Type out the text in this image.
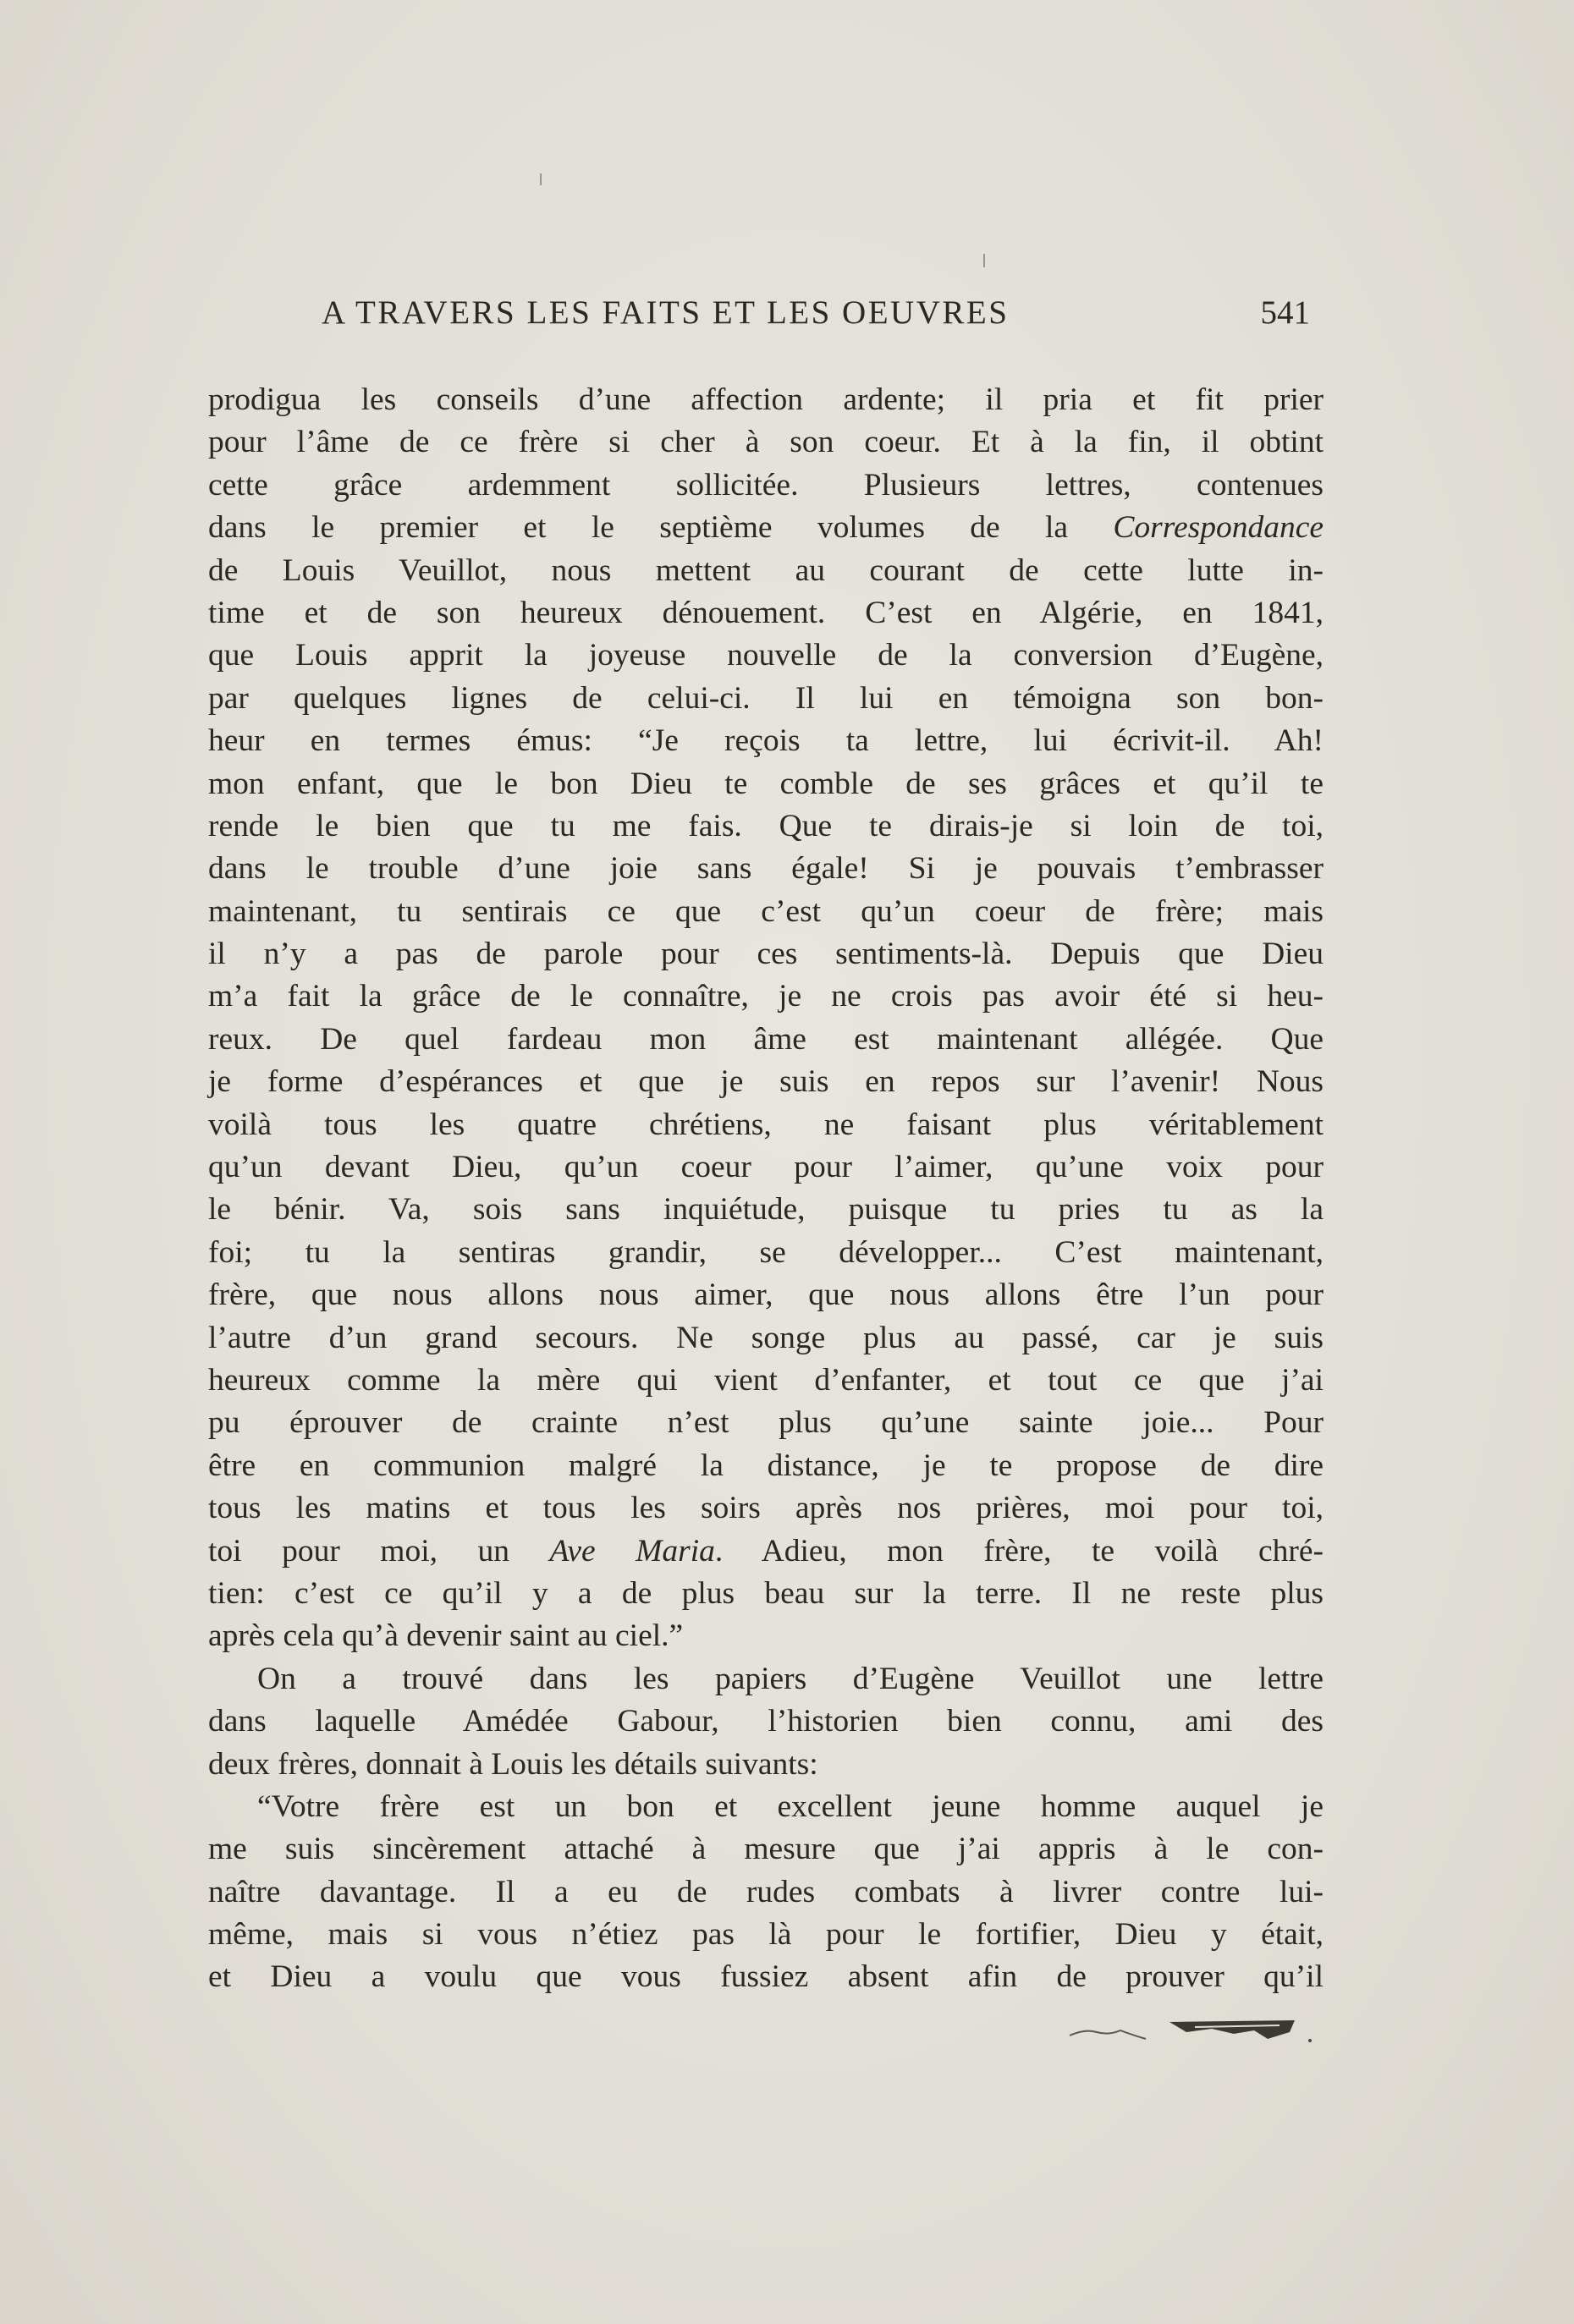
A TRAVERS LES FAITS ET LES OEUVRES	541
prodigua les conseils d’une affection ardente; il pria et fit prier
pour l’âme de ce frère si cher à son coeur. Et à la fin, il obtint
cette grâce ardemment sollicitée. Plusieurs lettres, contenues
dans le premier et le septième volumes de la Correspondance
de Louis Veuillot, nous mettent au courant de cette lutte in-
time et de son heureux dénouement. C’est en Algérie, en 1841,
que Louis apprit la joyeuse nouvelle de la conversion d’Eugène,
par quelques lignes de celui-ci. Il lui en témoigna son bon-
heur en termes émus: “Je reçois ta lettre, lui écrivit-il. Ah!
mon enfant, que le bon Dieu te comble de ses grâces et qu’il te
rende le bien que tu me fais. Que te dirais-je si loin de toi,
dans le trouble d’une joie sans égale! Si je pouvais t’embrasser
maintenant, tu sentirais ce que c’est qu’un coeur de frère; mais
il n’y a pas de parole pour ces sentiments-là. Depuis que Dieu
m’a fait la grâce de le connaître, je ne crois pas avoir été si heu-
reux. De quel fardeau mon âme est maintenant allégée. Que
je forme d’espérances et que je suis en repos sur l’avenir! Nous
voilà tous les quatre chrétiens, ne faisant plus véritablement
qu’un devant Dieu, qu’un coeur pour l’aimer, qu’une voix pour
le bénir. Va, sois sans inquiétude, puisque tu pries tu as la
foi; tu la sentiras grandir, se développer... C’est maintenant,
frère, que nous allons nous aimer, que nous allons être l’un pour
l’autre d’un grand secours. Ne songe plus au passé, car je suis
heureux comme la mère qui vient d’enfanter, et tout ce que j’ai
pu éprouver de crainte n’est plus qu’une sainte joie... Pour
être en communion malgré la distance, je te propose de dire
tous les matins et tous les soirs après nos prières, moi pour toi,
toi pour moi, un Ave Maria. Adieu, mon frère, te voilà chré-
tien: c’est ce qu’il y a de plus beau sur la terre. Il ne reste plus
après cela qu’à devenir saint au ciel.”
On a trouvé dans les papiers d’Eugène Veuillot une lettre
dans laquelle Amédée Gabour, l’historien bien connu, ami des
deux frères, donnait à Louis les détails suivants:
“Votre frère est un bon et excellent jeune homme auquel je
me suis sincèrement attaché à mesure que j’ai appris à le con-
naître davantage. Il a eu de rudes combats à livrer contre lui-
même, mais si vous n’étiez pas là pour le fortifier, Dieu y était,
et Dieu a voulu que vous fussiez absent afin de prouver qu’il
